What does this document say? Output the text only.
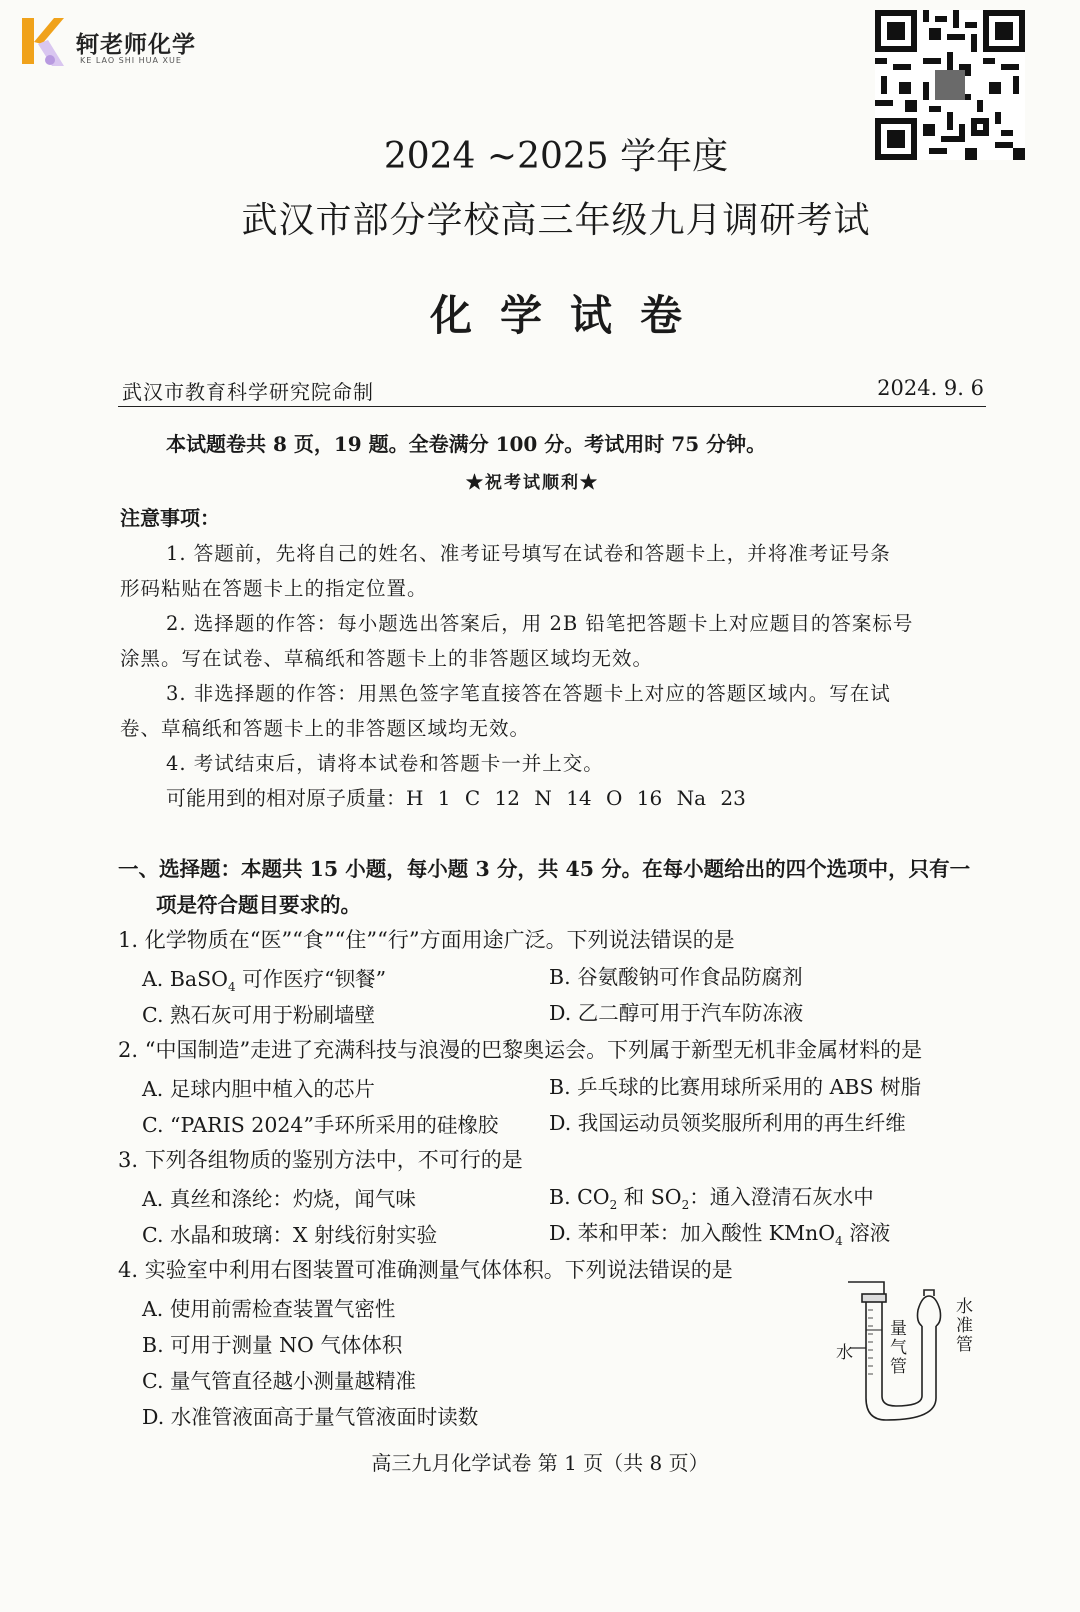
轲老师化学
KE LAO SHI HUA XUE
2024 ~2025 学年度
武汉市部分学校高三年级九月调研考试
化学试卷
武汉市教育科学研究院命制	2024. 9. 6
本试题卷共 8 页，19 题。全卷满分 100 分。考试用时 75 分钟。
★祝考试顺利★
注意事项：
1. 答题前，先将自己的姓名、准考证号填写在试卷和答题卡上，并将准考证号条
形码粘贴在答题卡上的指定位置。
2. 选择题的作答：每小题选出答案后，用 2B 铅笔把答题卡上对应题目的答案标号
涂黑。写在试卷、草稿纸和答题卡上的非答题区域均无效。
3. 非选择题的作答：用黑色签字笔直接答在答题卡上对应的答题区域内。写在试
卷、草稿纸和答题卡上的非答题区域均无效。
4. 考试结束后，请将本试卷和答题卡一并上交。
可能用到的相对原子质量：H 1 C 12 N 14 O 16 Na 23
一、选择题：本题共 15 小题，每小题 3 分，共 45 分。在每小题给出的四个选项中，只有一
项是符合题目要求的。
1. 化学物质在“医”“食”“住”“行”方面用途广泛。下列说法错误的是
A. BaSO$_4$ 可作医疗“钡餐”	B. 谷氨酸钠可作食品防腐剂
C. 熟石灰可用于粉刷墙壁	D. 乙二醇可用于汽车防冻液
2. “中国制造”走进了充满科技与浪漫的巴黎奥运会。下列属于新型无机非金属材料的是
A. 足球内胆中植入的芯片	B. 乒乓球的比赛用球所采用的 ABS 树脂
C. “PARIS 2024”手环所采用的硅橡胶 D. 我国运动员领奖服所利用的再生纤维
3. 下列各组物质的鉴别方法中，不可行的是
A. 真丝和涤纶：灼烧，闻气味	B. $CO_2$ 和 $SO_2$：通入澄清石灰水中
C. 水晶和玻璃：X 射线衍射实验	D. 苯和甲苯：加入酸性 KMnO$_4$ 溶液
4. 实验室中利用右图装置可准确测量气体体积。下列说法错误的是
A. 使用前需检查装置气密性
B. 可用于测量 NO 气体体积
C. 量气管直径越小测量越精准
D. 水准管液面高于量气管液面时读数
水
量气管
水准管
高三九月化学试卷 第 1 页（共 8 页）
